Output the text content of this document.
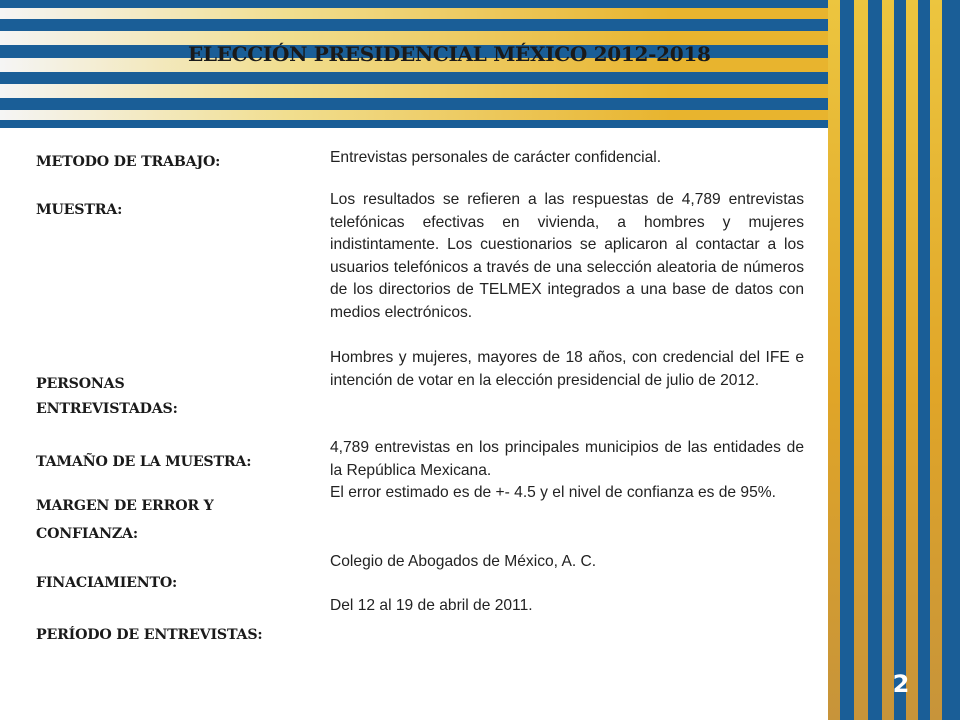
ELECCIÓN PRESIDENCIAL MÉXICO 2012-2018

METODO DE TRABAJO:

MUESTRA:

PERSONAS ENTREVISTADAS:

TAMAÑO DE LA MUESTRA:

MARGEN DE ERROR Y CONFIANZA:

FINACIAMIENTO:

PERÍODO DE ENTREVISTAS:

Entrevistas personales de carácter confidencial.

Los resultados se refieren a las respuestas de 4,789 entrevistas telefónicas efectivas en vivienda, a hombres y mujeres indistintamente. Los cuestionarios se aplicaron al contactar a los usuarios telefónicos a través de una selección aleatoria de números de los directorios de TELMEX integrados a una base de datos con medios electrónicos.

Hombres y mujeres, mayores de 18 años, con credencial del IFE e intención de votar en la elección presidencial de julio de 2012.

4,789 entrevistas en los principales municipios de las entidades de la República Mexicana.

El error estimado es de +- 4.5 y el nivel de confianza es de 95%.

Colegio de Abogados de México, A. C.

Del 12 al 19 de abril de 2011.

2
